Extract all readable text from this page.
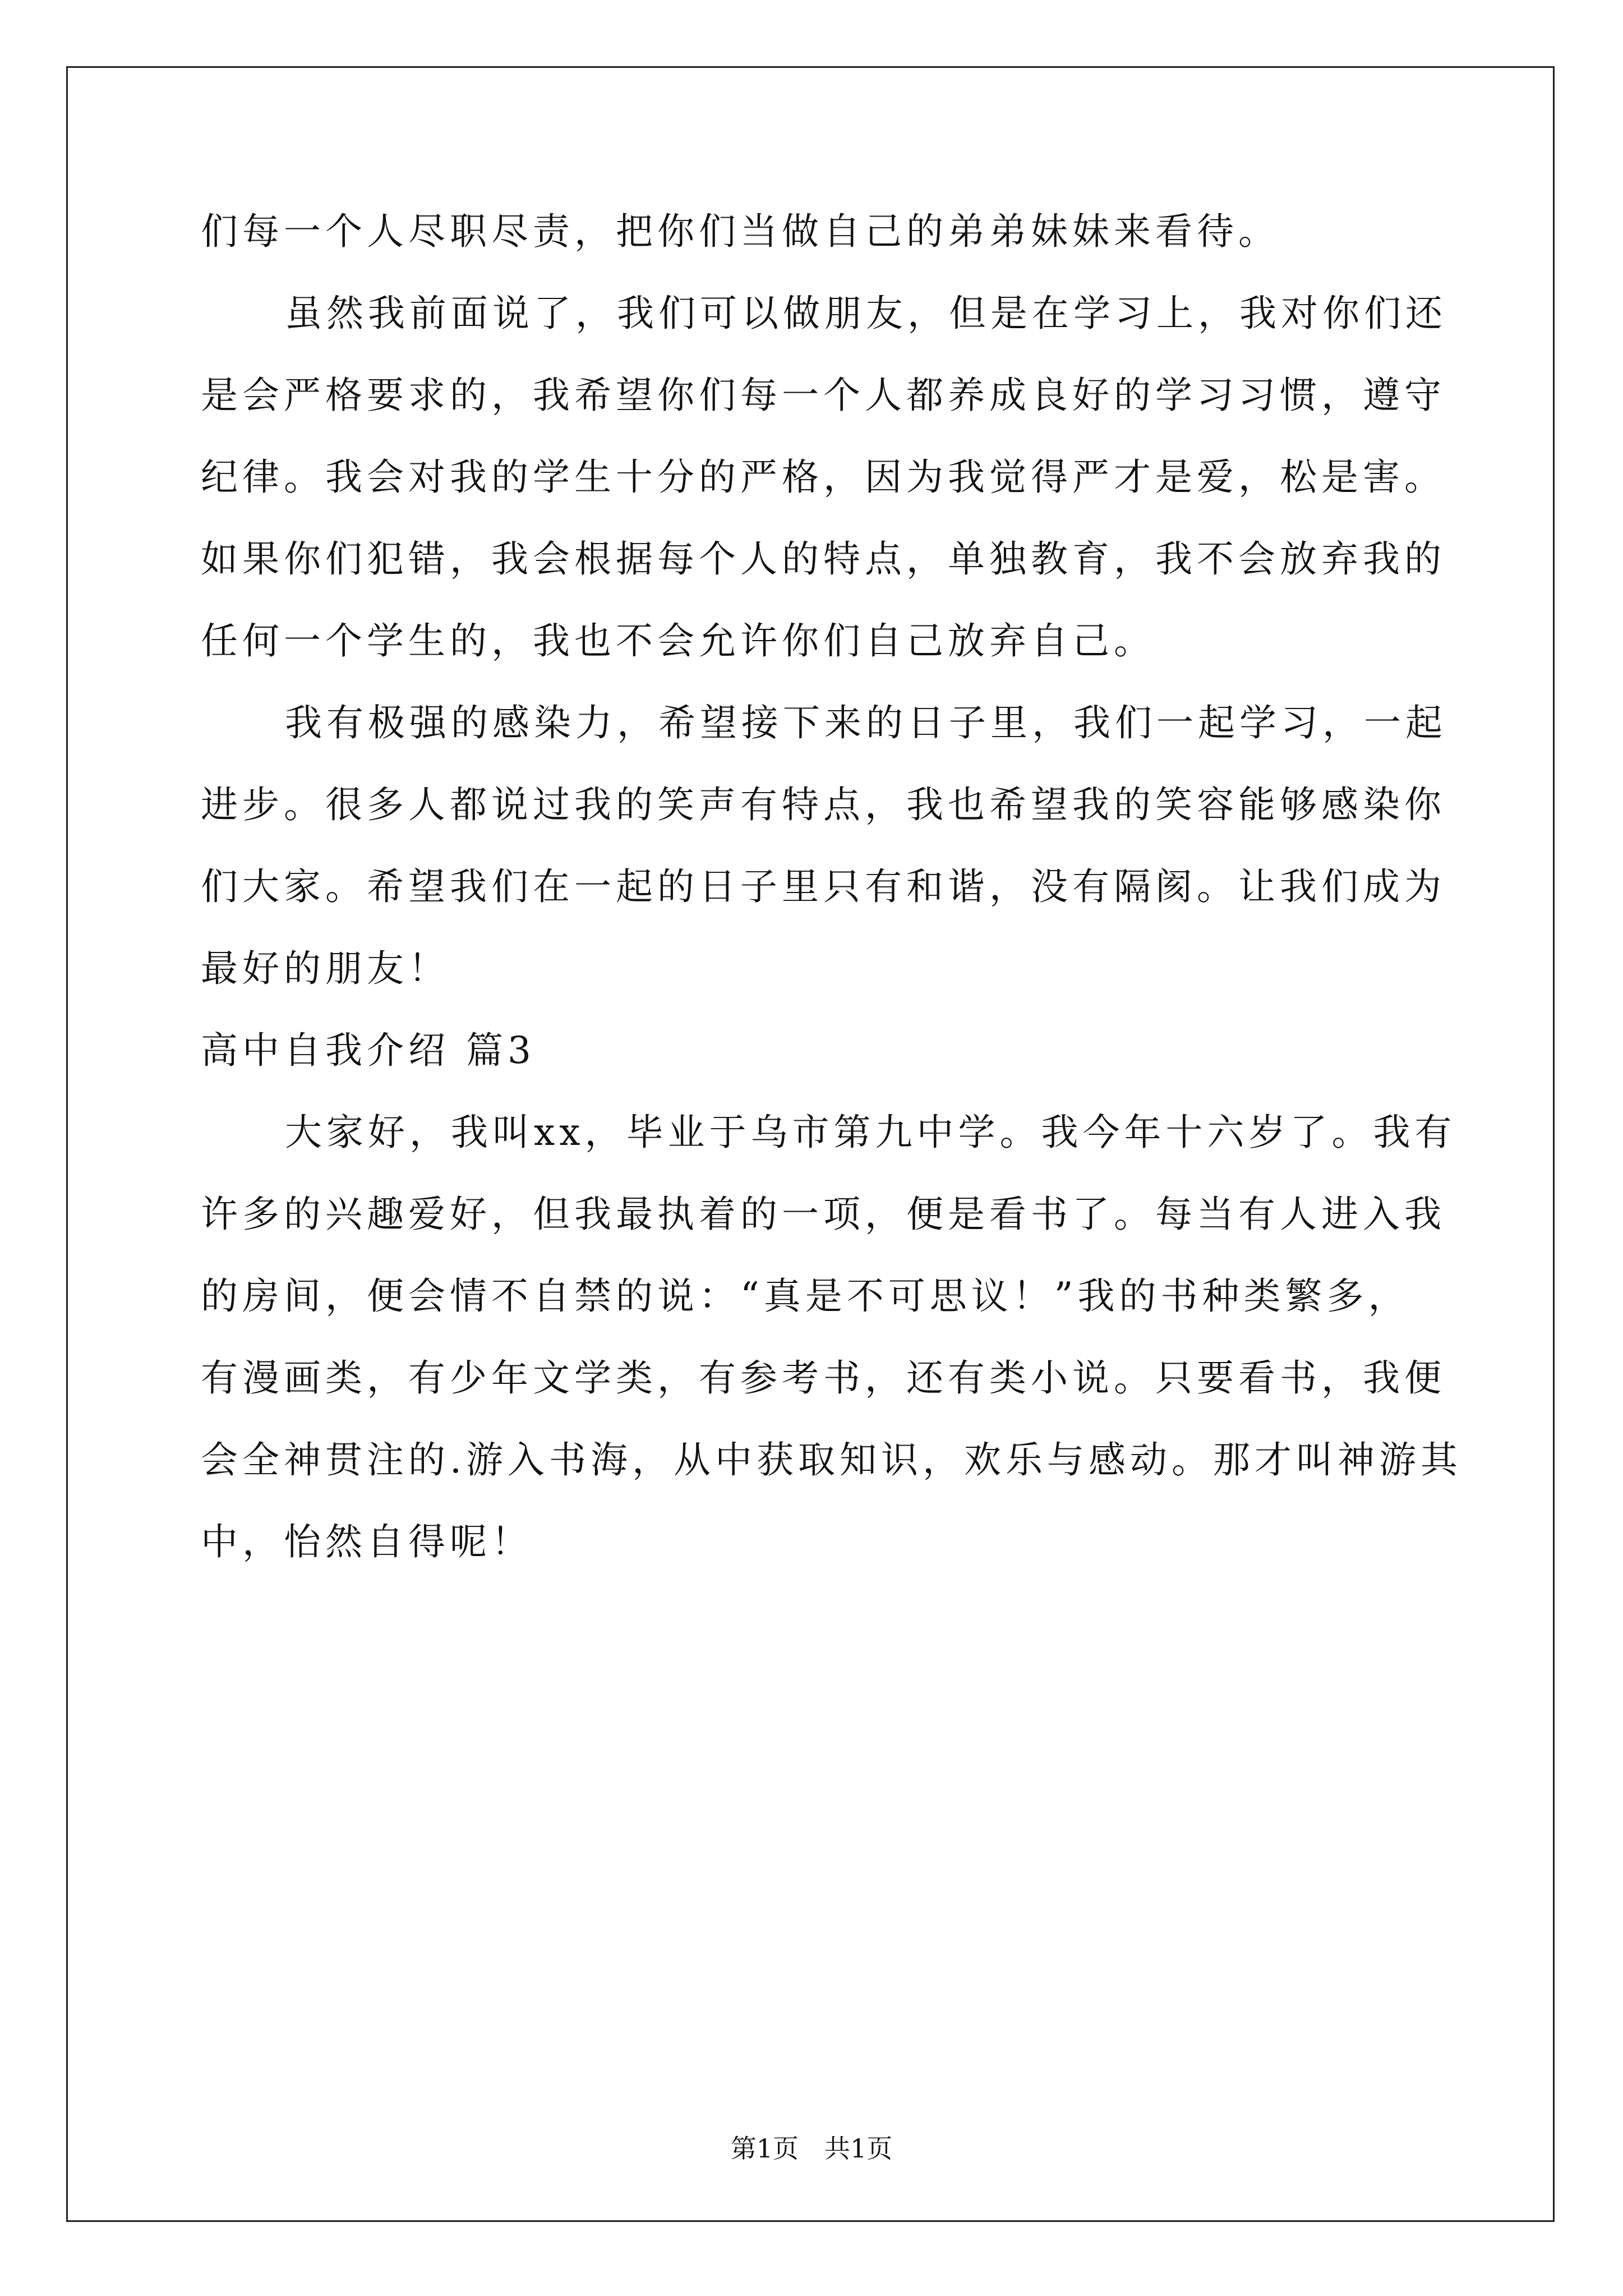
们每一个人尽职尽责，把你们当做自己的弟弟妹妹来看待。
虽然我前面说了，我们可以做朋友，但是在学习上，我对你们还
是会严格要求的，我希望你们每一个人都养成良好的学习习惯，遵守
纪律。我会对我的学生十分的严格，因为我觉得严才是爱，松是害。
如果你们犯错，我会根据每个人的特点，单独教育，我不会放弃我的
任何一个学生的，我也不会允许你们自己放弃自己。
我有极强的感染力，希望接下来的日子里，我们一起学习，一起
进步。很多人都说过我的笑声有特点，我也希望我的笑容能够感染你
们大家。希望我们在一起的日子里只有和谐，没有隔阂。让我们成为
最好的朋友！
高中自我介绍 篇3
大家好，我叫xx，毕业于乌市第九中学。我今年十六岁了。我有
许多的兴趣爱好，但我最执着的一项，便是看书了。每当有人进入我
的房间，便会情不自禁的说：“真是不可思议！”我的书种类繁多，
有漫画类，有少年文学类，有参考书，还有类小说。只要看书，我便
会全神贯注的.游入书海，从中获取知识，欢乐与感动。那才叫神游其
中，怡然自得呢！
第1页　共1页
